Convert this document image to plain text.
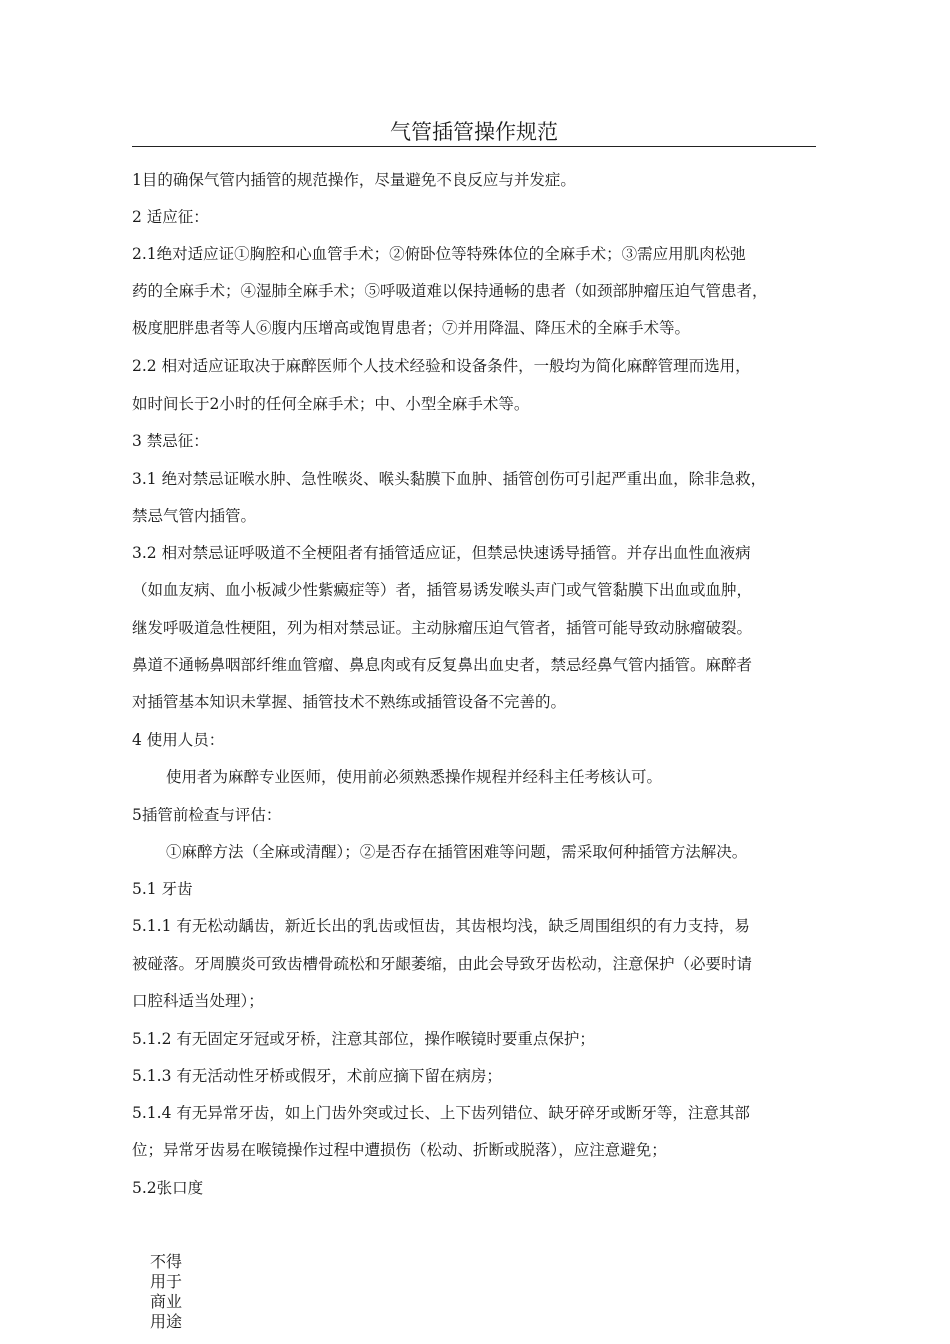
气管插管操作规范
1目的确保气管内插管的规范操作，尽量避免不良反应与并发症。
2 适应征：
2.1绝对适应证①胸腔和心血管手术；②俯卧位等特殊体位的全麻手术；③需应用肌肉松弛
药的全麻手术；④湿肺全麻手术；⑤呼吸道难以保持通畅的患者（如颈部肿瘤压迫气管患者，
极度肥胖患者等人⑥腹内压增高或饱胃患者；⑦并用降温、降压术的全麻手术等。
2.2 相对适应证取决于麻醉医师个人技术经验和设备条件，一般均为简化麻醉管理而选用，
如时间长于2小时的任何全麻手术；中、小型全麻手术等。
3 禁忌征：
3.1 绝对禁忌证喉水肿、急性喉炎、喉头黏膜下血肿、插管创伤可引起严重出血，除非急救，
禁忌气管内插管。
3.2 相对禁忌证呼吸道不全梗阻者有插管适应证，但禁忌快速诱导插管。并存出血性血液病
（如血友病、血小板减少性紫癜症等）者，插管易诱发喉头声门或气管黏膜下出血或血肿，
继发呼吸道急性梗阻，列为相对禁忌证。主动脉瘤压迫气管者，插管可能导致动脉瘤破裂。
鼻道不通畅鼻咽部纤维血管瘤、鼻息肉或有反复鼻出血史者，禁忌经鼻气管内插管。麻醉者
对插管基本知识未掌握、插管技术不熟练或插管设备不完善的。
4 使用人员：
使用者为麻醉专业医师，使用前必须熟悉操作规程并经科主任考核认可。
5插管前检查与评估：
①麻醉方法（全麻或清醒）；②是否存在插管困难等问题，需采取何种插管方法解决。
5.1 牙齿
5.1.1 有无松动龋齿，新近长出的乳齿或恒齿，其齿根均浅，缺乏周围组织的有力支持，易
被碰落。牙周膜炎可致齿槽骨疏松和牙龈萎缩，由此会导致牙齿松动，注意保护（必要时请
口腔科适当处理）；
5.1.2 有无固定牙冠或牙桥，注意其部位，操作喉镜时要重点保护；
5.1.3 有无活动性牙桥或假牙，术前应摘下留在病房；
5.1.4 有无异常牙齿，如上门齿外突或过长、上下齿列错位、缺牙碎牙或断牙等，注意其部
位；异常牙齿易在喉镜操作过程中遭损伤（松动、折断或脱落），应注意避免；
5.2张口度
不得
用于
商业
用途
